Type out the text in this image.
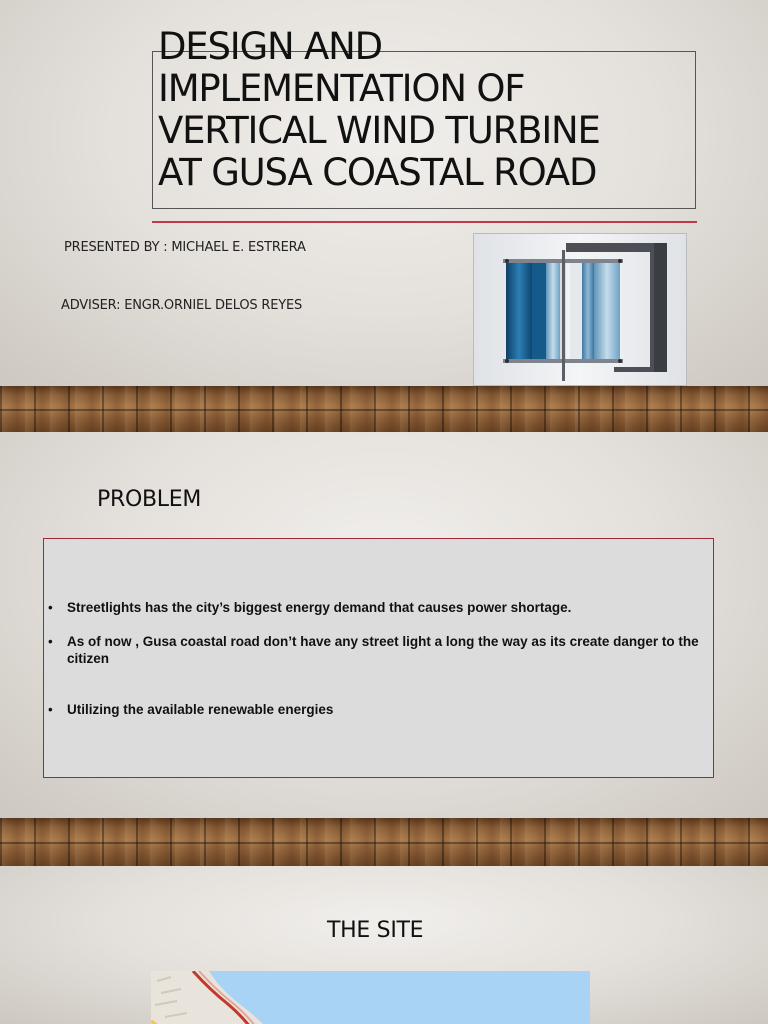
DESIGN AND
IMPLEMENTATION OF
VERTICAL WIND TURBINE
AT GUSA COASTAL ROAD
PRESENTED BY : MICHAEL E. ESTRERA
ADVISER: ENGR.ORNIEL DELOS REYES
PROBLEM
• Streetlights has the city’s biggest energy demand that causes power shortage.
• As of now , Gusa coastal road don’t have any street light a long the way as its create danger to the citizen
• Utilizing the available renewable energies
THE SITE
